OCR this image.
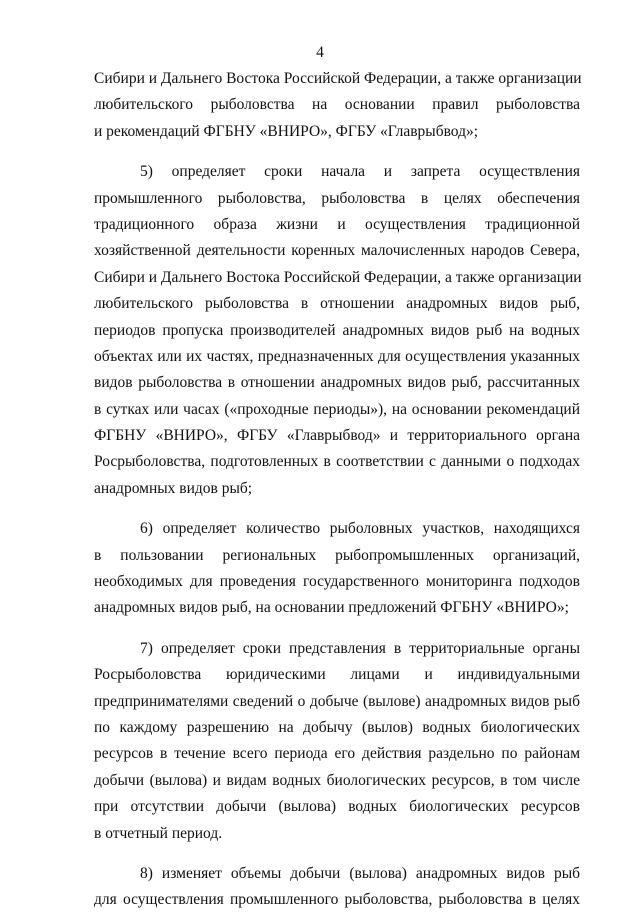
4
Сибири и Дальнего Востока Российской Федерации, а также организации
любительского рыболовства на основании правил рыболовства
и рекомендаций ФГБНУ «ВНИРО», ФГБУ «Главрыбвод»;
5) определяет сроки начала и запрета осуществления
промышленного рыболовства, рыболовства в целях обеспечения
традиционного образа жизни и осуществления традиционной
хозяйственной деятельности коренных малочисленных народов Севера,
Сибири и Дальнего Востока Российской Федерации, а также организации
любительского рыболовства в отношении анадромных видов рыб,
периодов пропуска производителей анадромных видов рыб на водных
объектах или их частях, предназначенных для осуществления указанных
видов рыболовства в отношении анадромных видов рыб, рассчитанных
в сутках или часах («проходные периоды»), на основании рекомендаций
ФГБНУ «ВНИРО», ФГБУ «Главрыбвод» и территориального органа
Росрыболовства, подготовленных в соответствии с данными о подходах
анадромных видов рыб;
6) определяет количество рыболовных участков, находящихся
в пользовании региональных рыбопромышленных организаций,
необходимых для проведения государственного мониторинга подходов
анадромных видов рыб, на основании предложений ФГБНУ «ВНИРО»;
7) определяет сроки представления в территориальные органы
Росрыболовства юридическими лицами и индивидуальными
предпринимателями сведений о добыче (вылове) анадромных видов рыб
по каждому разрешению на добычу (вылов) водных биологических
ресурсов в течение всего периода его действия раздельно по районам
добычи (вылова) и видам водных биологических ресурсов, в том числе
при отсутствии добычи (вылова) водных биологических ресурсов
в отчетный период.
8) изменяет объемы добычи (вылова) анадромных видов рыб
для осуществления промышленного рыболовства, рыболовства в целях
